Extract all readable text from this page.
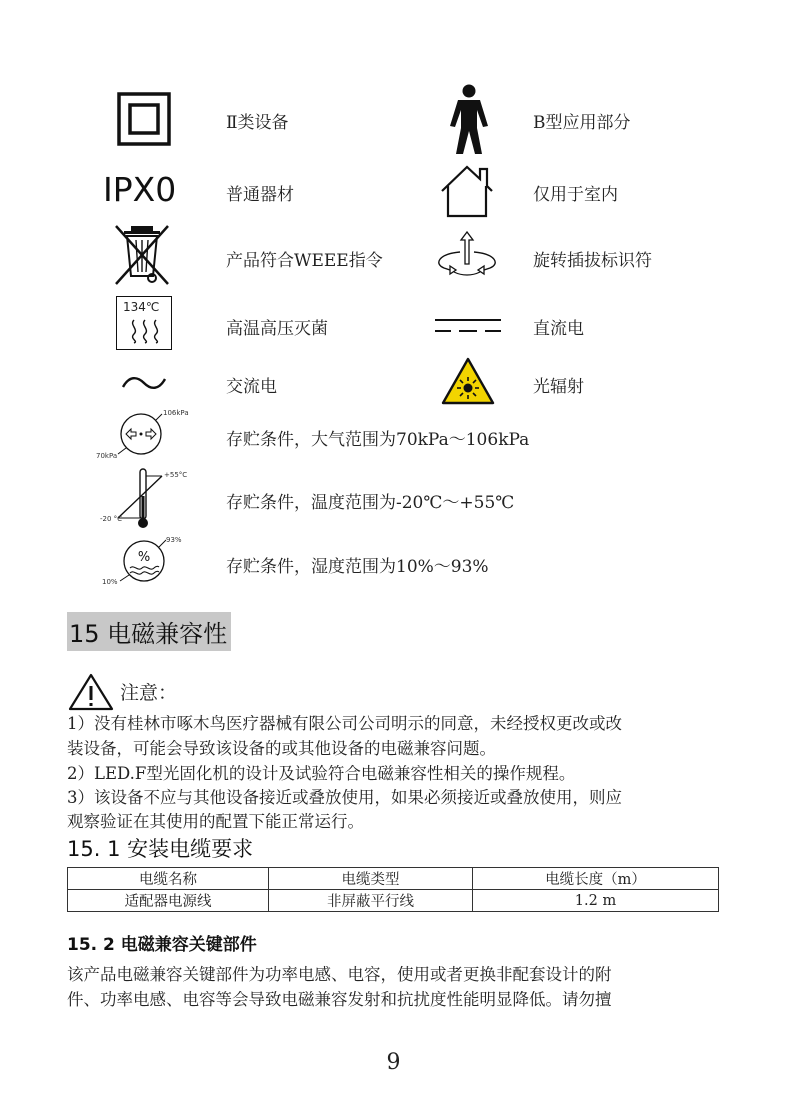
Ⅱ类设备	B型应用部分
IPX0	普通器材	仅用于室内
产品符合WEEE指令	旋转插拔标识符
134℃
高温高压灭菌	直流电
交流电	光辐射
106kPa
70kPa
存贮条件，大气范围为70kPa～106kPa
+55°C
-20 °C
存贮条件，温度范围为-20℃～+55℃
%
93%
10%
存贮条件，湿度范围为10%～93%
15 电磁兼容性
注意：
1）没有桂林市啄木鸟医疗器械有限公司公司明示的同意，未经授权更改或改
装设备，可能会导致该设备的或其他设备的电磁兼容问题。
2）LED.F型光固化机的设计及试验符合电磁兼容性相关的操作规程。
3）该设备不应与其他设备接近或叠放使用，如果必须接近或叠放使用，则应
观察验证在其使用的配置下能正常运行。
15. 1 安装电缆要求
电缆名称	电缆类型	电缆长度（m）
适配器电源线	非屏蔽平行线	1.2 m
15. 2 电磁兼容关键部件
该产品电磁兼容关键部件为功率电感、电容，使用或者更换非配套设计的附
件、功率电感、电容等会导致电磁兼容发射和抗扰度性能明显降低。请勿擅
9
